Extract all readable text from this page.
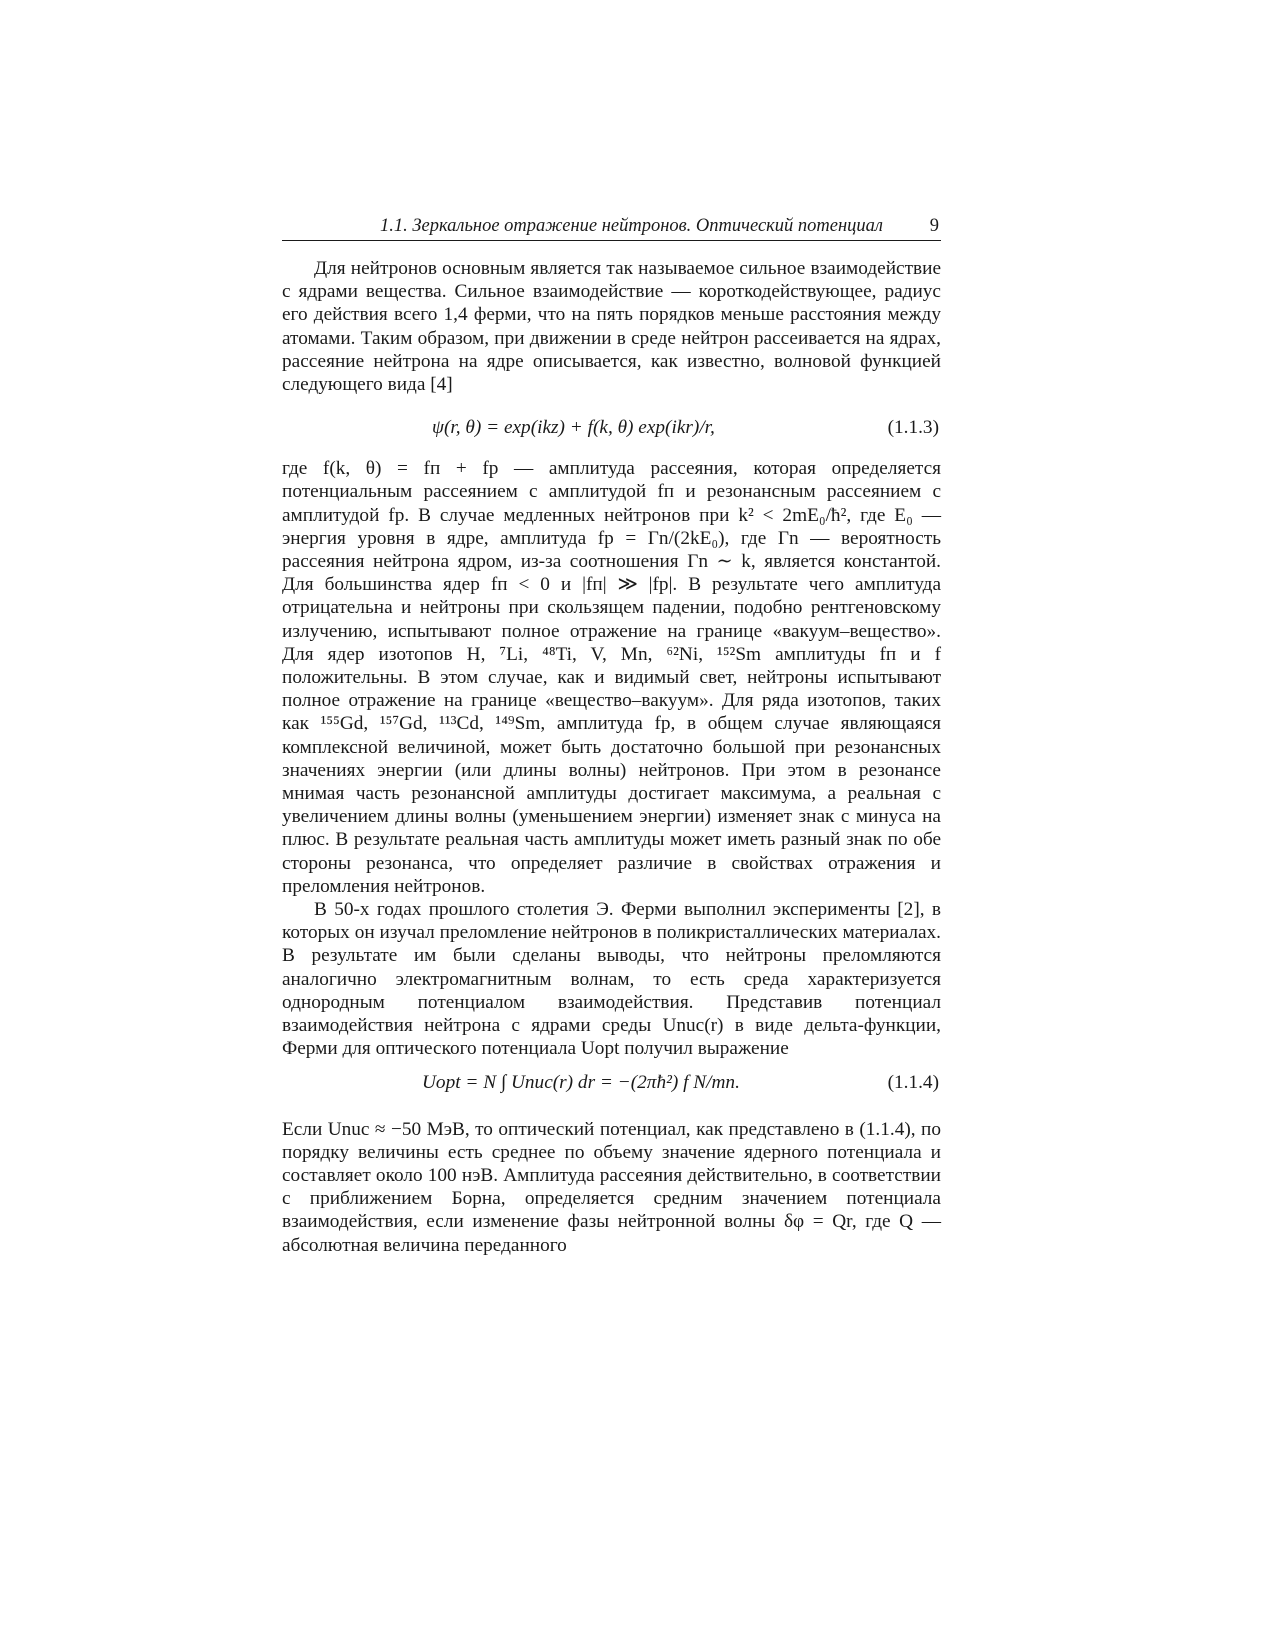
1.1. Зеркальное отражение нейтронов. Оптический потенциал	9

Для нейтронов основным является так называемое сильное взаимодействие с ядрами вещества. Сильное взаимодействие — короткодействующее, радиус его действия всего 1,4 ферми, что на пять порядков меньше расстояния между атомами. Таким образом, при движении в среде нейтрон рассеивается на ядрах, рассеяние нейтрона на ядре описывается, как известно, волновой функцией следующего вида [4]

ψ(r, θ) = exp(ikz) + f(k, θ) exp(ikr)/r,	(1.1.3)

где f(k, θ) = fп + fр — амплитуда рассеяния, которая определяется потенциальным рассеянием с амплитудой fп и резонансным рассеянием с амплитудой fр. В случае медленных нейтронов при k² < 2mE₀/ħ², где E₀ — энергия уровня в ядре, амплитуда fр = Γn/(2kE₀), где Γn — вероятность рассеяния нейтрона ядром, из-за соотношения Γn ∼ k, является константой. Для большинства ядер fп < 0 и |fп| ≫ |fр|. В результате чего амплитуда отрицательна и нейтроны при скользящем падении, подобно рентгеновскому излучению, испытывают полное отражение на границе «вакуум–вещество». Для ядер изотопов H, ⁷Li, ⁴⁸Ti, V, Mn, ⁶²Ni, ¹⁵²Sm амплитуды fп и f положительны. В этом случае, как и видимый свет, нейтроны испытывают полное отражение на границе «вещество–вакуум». Для ряда изотопов, таких как ¹⁵⁵Gd, ¹⁵⁷Gd, ¹¹³Cd, ¹⁴⁹Sm, амплитуда fр, в общем случае являющаяся комплексной величиной, может быть достаточно большой при резонансных значениях энергии (или длины волны) нейтронов. При этом в резонансе мнимая часть резонансной амплитуды достигает максимума, а реальная с увеличением длины волны (уменьшением энергии) изменяет знак с минуса на плюс. В результате реальная часть амплитуды может иметь разный знак по обе стороны резонанса, что определяет различие в свойствах отражения и преломления нейтронов.

В 50-х годах прошлого столетия Э. Ферми выполнил эксперименты [2], в которых он изучал преломление нейтронов в поликристаллических материалах. В результате им были сделаны выводы, что нейтроны преломляются аналогично электромагнитным волнам, то есть среда характеризуется однородным потенциалом взаимодействия. Представив потенциал взаимодействия нейтрона с ядрами среды Unuc(r) в виде дельта-функции, Ферми для оптического потенциала Uopt получил выражение

Uopt = N ∫ Unuc(r) dr = −(2πħ²) f N/mn.	(1.1.4)

Если Unuc ≈ −50 МэВ, то оптический потенциал, как представлено в (1.1.4), по порядку величины есть среднее по объему значение ядерного потенциала и составляет около 100 нэВ. Амплитуда рассеяния действительно, в соответствии с приближением Борна, определяется средним значением потенциала взаимодействия, если изменение фазы нейтронной волны δφ = Qr, где Q — абсолютная величина переданного
